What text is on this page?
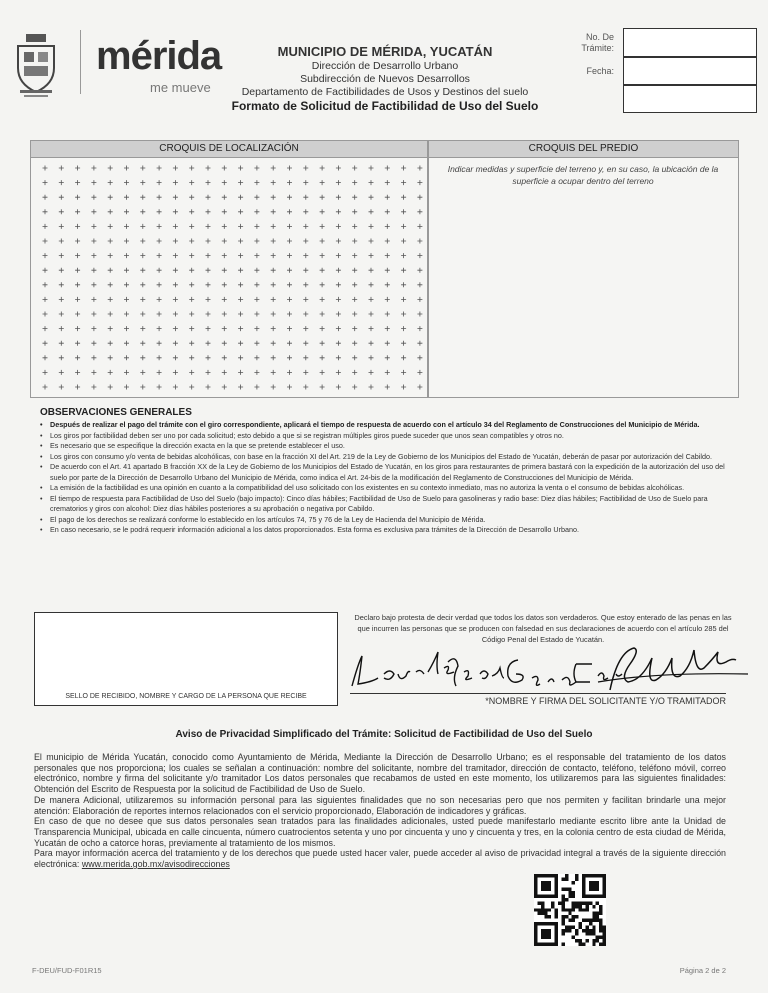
mérida
me mueve
MUNICIPIO DE MÉRIDA, YUCATÁN
Dirección de Desarrollo Urbano
Subdirección de Nuevos Desarrollos
Departamento de Factibilidades de Usos y Destinos del suelo
Formato de Solicitud de Factibilidad de Uso del Suelo
No. De Trámite:
Fecha:
CROQUIS DE LOCALIZACIÓN	CROQUIS DEL PREDIO
Indicar medidas y superficie del terreno y, en su caso, la ubicación de la superficie a ocupar dentro del terreno
OBSERVACIONES GENERALES
• Después de realizar el pago del trámite con el giro correspondiente, aplicará el tiempo de respuesta de acuerdo con el artículo 34 del Reglamento de Construcciones del Municipio de Mérida.
• Los giros por factibilidad deben ser uno por cada solicitud; esto debido a que si se registran múltiples giros puede suceder que unos sean compatibles y otros no.
• Es necesario que se especifique la dirección exacta en la que se pretende establecer el uso.
• Los giros con consumo y/o venta de bebidas alcohólicas, con base en la fracción XI del Art. 219 de la Ley de Gobierno de los Municipios del Estado de Yucatán, deberán de pasar por autorización del Cabildo.
• De acuerdo con el Art. 41 apartado B fracción XX de la Ley de Gobierno de los Municipios del Estado de Yucatán, en los giros para restaurantes de primera bastará con la expedición de la autorización del uso del suelo por parte de la Dirección de Desarrollo Urbano del Municipio de Mérida, como indica el Art. 24-bis de la modificación del Reglamento de Construcciones del Municipio de Mérida.
• La emisión de la factibilidad es una opinión en cuanto a la compatibilidad del uso solicitado con los existentes en su contexto inmediato, mas no autoriza la venta o el consumo de bebidas alcohólicas.
• El tiempo de respuesta para Factibilidad de Uso del Suelo (bajo impacto): Cinco días hábiles; Factibilidad de Uso de Suelo para gasolineras y radio base: Diez días hábiles; Factibilidad de Uso de Suelo para crematorios y giros con alcohol: Diez días hábiles posteriores a su aprobación o negativa por Cabildo.
• El pago de los derechos se realizará conforme lo establecido en los artículos 74, 75 y 76 de la Ley de Hacienda del Municipio de Mérida.
• En caso necesario, se le podrá requerir información adicional a los datos proporcionados. Esta forma es exclusiva para trámites de la Dirección de Desarrollo Urbano.
SELLO DE RECIBIDO, NOMBRE Y CARGO DE LA PERSONA QUE RECIBE
Declaro bajo protesta de decir verdad que todos los datos son verdaderos. Que estoy enterado de las penas en las que incurren las personas que se producen con falsedad en sus declaraciones de acuerdo con el artículo 285 del Código Penal del Estado de Yucatán.
*NOMBRE Y FIRMA DEL SOLICITANTE Y/O TRAMITADOR
Aviso de Privacidad Simplificado del Trámite: Solicitud de Factibilidad de Uso del Suelo

El municipio de Mérida Yucatán, conocido como Ayuntamiento de Mérida, Mediante la Dirección de Desarrollo Urbano; es el responsable del tratamiento de los datos personales que nos proporciona; los cuales se señalan a continuación: nombre del solicitante, nombre del tramitador, dirección de contacto, teléfono, teléfono móvil, correo electrónico, nombre y firma del solicitante y/o tramitador Los datos personales que recabamos de usted en este momento, los utilizaremos para las siguientes finalidades: Obtención del Escrito de Respuesta por la solicitud de Factibilidad de Uso de Suelo.

De manera Adicional, utilizaremos su información personal para las siguientes finalidades que no son necesarias pero que nos permiten y facilitan brindarle una mejor atención: Elaboración de reportes internos relacionados con el servicio proporcionado, Elaboración de indicadores y gráficas.

En caso de que no desee que sus datos personales sean tratados para las finalidades adicionales, usted puede manifestarlo mediante escrito libre ante la Unidad de Transparencia Municipal, ubicada en calle cincuenta, número cuatrocientos setenta y uno por cincuenta y uno y cincuenta y tres, en la colonia centro de esta ciudad de Mérida, Yucatán de ocho a catorce horas, previamente al tratamiento de los mismos.

Para mayor información acerca del tratamiento y de los derechos que puede usted hacer valer, puede acceder al aviso de privacidad integral a través de la siguiente dirección electrónica: www.merida.gob.mx/avisodirecciones

F-DEU/FUD-F01R15	Página 2 de 2
